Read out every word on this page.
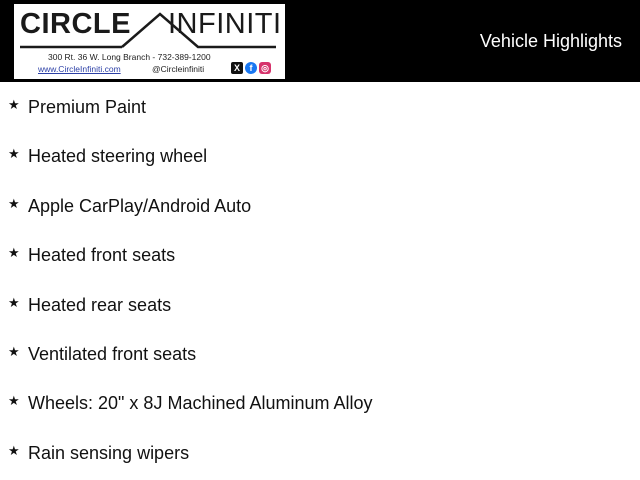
CIRCLE INFINITI
300 Rt. 36 W. Long Branch - 732-389-1200
www.CircleInfiniti.com	@Circleinfiniti	X	f ◎
Vehicle Highlights
★ Premium Paint
★ Heated steering wheel
★ Apple CarPlay/Android Auto
★ Heated front seats
★ Heated rear seats
★ Ventilated front seats
★ Wheels: 20" x 8J Machined Aluminum Alloy
★ Rain sensing wipers
